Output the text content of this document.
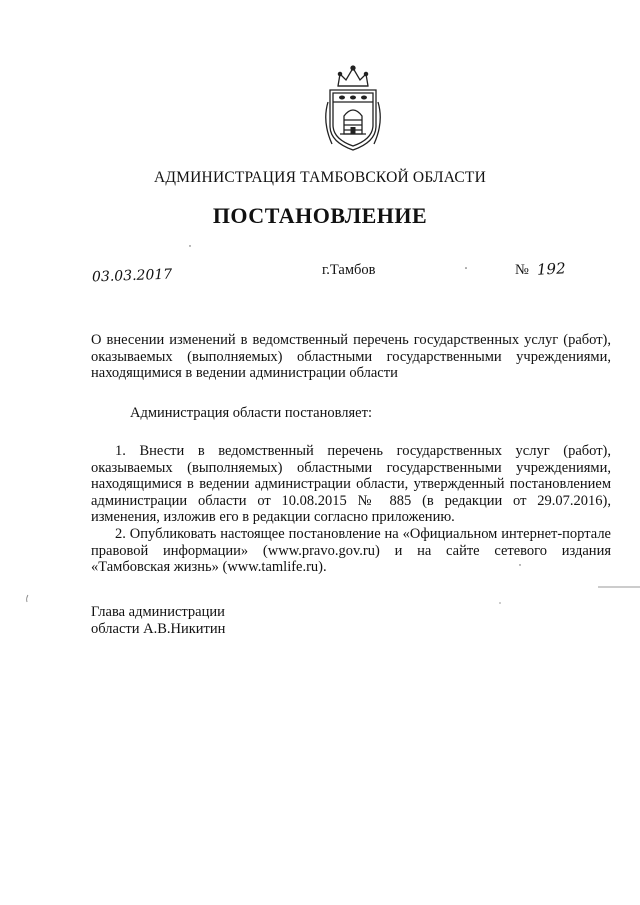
АДМИНИСТРАЦИЯ ТАМБОВСКОЙ ОБЛАСТИ
ПОСТАНОВЛЕНИЕ
03.03.2017	г.Тамбов	№ 192
О внесении изменений в ведомственный перечень государственных услуг (работ), оказываемых (выполняемых) областными государственными учреждениями, находящимися в ведении администрации области
Администрация области постановляет:
1. Внести в ведомственный перечень государственных услуг (работ), оказываемых (выполняемых) областными государственными учреждениями, находящимися в ведении администрации области, утвержденный постановлением администрации области от 10.08.2015 № 885 (в редакции от 29.07.2016), изменения, изложив его в редакции согласно приложению.
2. Опубликовать настоящее постановление на «Официальном интернет-портале правовой информации» (www.pravo.gov.ru) и на сайте сетевого издания «Тамбовская жизнь» (www.tamlife.ru).
Глава администрации
области А.В.Никитин
